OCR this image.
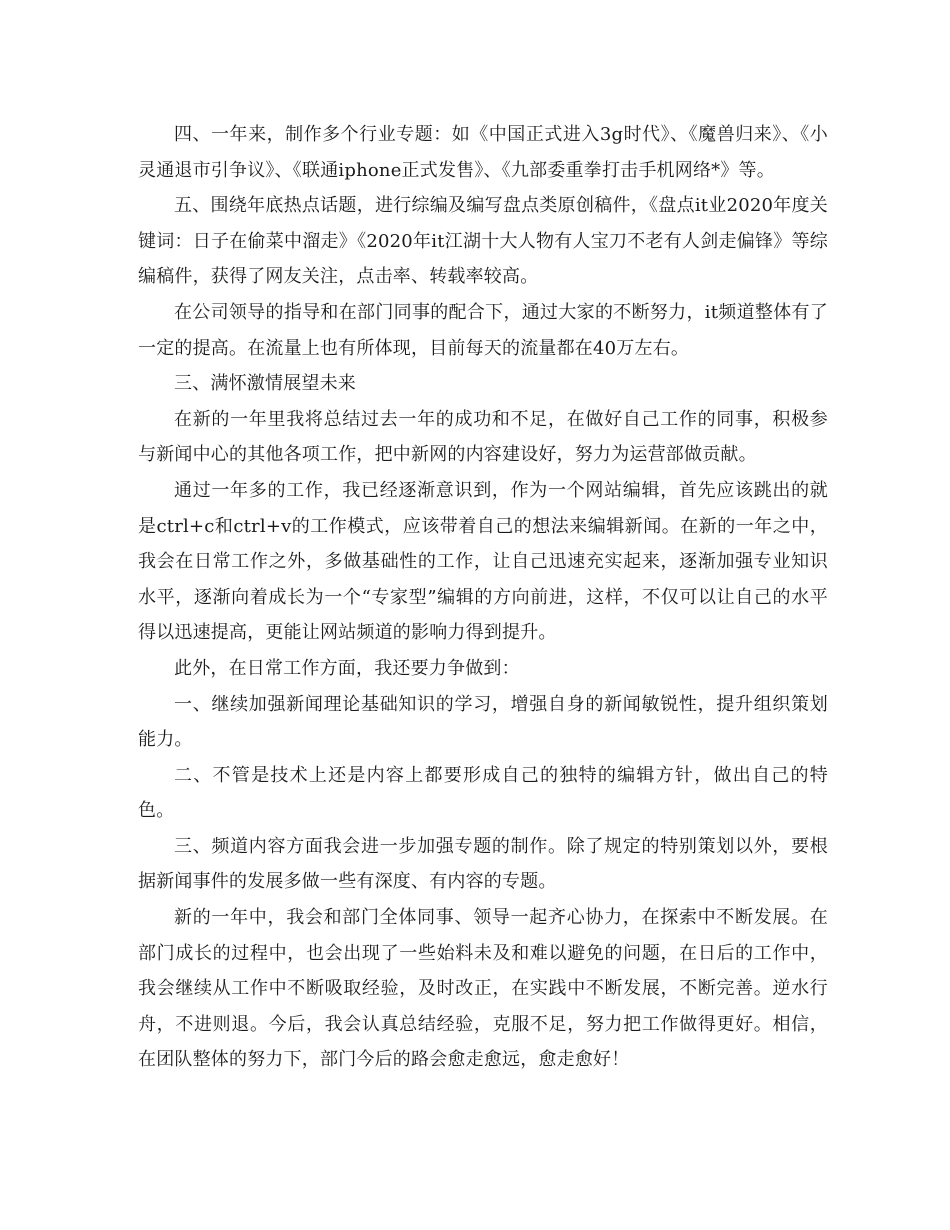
四、一年来，制作多个行业专题：如《中国正式进入3g时代》、《魔兽归来》、《小灵通退市引争议》、《联通iphone正式发售》、《九部委重拳打击手机网络*》等。

五、围绕年底热点话题，进行综编及编写盘点类原创稿件，《盘点it业2020年度关键词：日子在偷菜中溜走》《2020年it江湖十大人物有人宝刀不老有人剑走偏锋》等综编稿件，获得了网友关注，点击率、转载率较高。

在公司领导的指导和在部门同事的配合下，通过大家的不断努力，it频道整体有了一定的提高。在流量上也有所体现，目前每天的流量都在40万左右。

三、满怀激情展望未来

在新的一年里我将总结过去一年的成功和不足，在做好自己工作的同事，积极参与新闻中心的其他各项工作，把中新网的内容建设好，努力为运营部做贡献。

通过一年多的工作，我已经逐渐意识到，作为一个网站编辑，首先应该跳出的就是ctrl+c和ctrl+v的工作模式，应该带着自己的想法来编辑新闻。在新的一年之中，我会在日常工作之外，多做基础性的工作，让自己迅速充实起来，逐渐加强专业知识水平，逐渐向着成长为一个“专家型”编辑的方向前进，这样，不仅可以让自己的水平得以迅速提高，更能让网站频道的影响力得到提升。

此外，在日常工作方面，我还要力争做到：

一、继续加强新闻理论基础知识的学习，增强自身的新闻敏锐性，提升组织策划能力。

二、不管是技术上还是内容上都要形成自己的独特的编辑方针，做出自己的特色。

三、频道内容方面我会进一步加强专题的制作。除了规定的特别策划以外，要根据新闻事件的发展多做一些有深度、有内容的专题。

新的一年中，我会和部门全体同事、领导一起齐心协力，在探索中不断发展。在部门成长的过程中，也会出现了一些始料未及和难以避免的问题，在日后的工作中，我会继续从工作中不断吸取经验，及时改正，在实践中不断发展，不断完善。逆水行舟，不进则退。今后，我会认真总结经验，克服不足，努力把工作做得更好。相信，在团队整体的努力下，部门今后的路会愈走愈远，愈走愈好！
